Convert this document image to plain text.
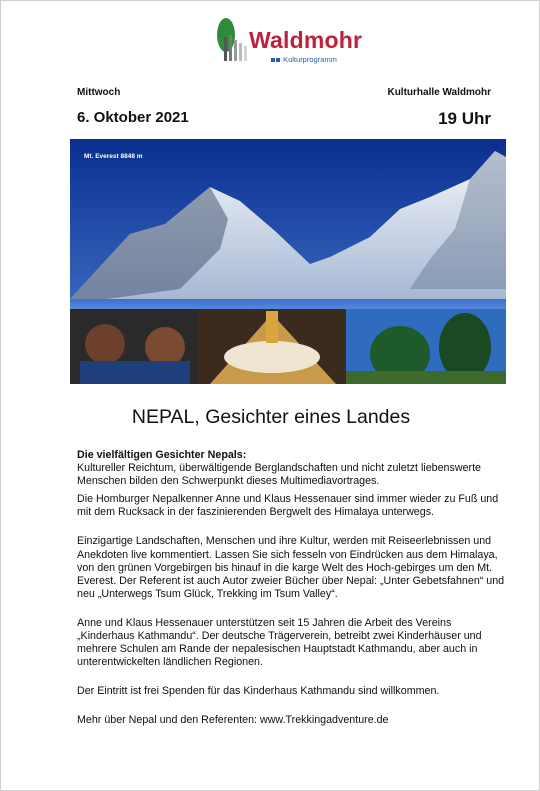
Waldmohr
Kulturprogramm
Mittwoch	Kulturhalle Waldmohr
6. Oktober 2021	19 Uhr
Mt. Everest 8848 m
NEPAL, Gesichter eines Landes

Die vielfältigen Gesichter Nepals:

Kultureller Reichtum, überwältigende Berglandschaften und nicht zuletzt liebenswerte Menschen bilden den Schwerpunkt dieses Multimediavortrages.

Die Homburger Nepalkenner Anne und Klaus Hessenauer sind immer wieder zu Fuß und mit dem Rucksack in der faszinierenden Bergwelt des Himalaya unterwegs.

Einzigartige Landschaften, Menschen und ihre Kultur, werden mit Reiseerlebnissen und Anekdoten live kommentiert. Lassen Sie sich fesseln von Eindrücken aus dem Himalaya, von den grünen Vorgebirgen bis hinauf in die karge Welt des Hoch-gebirges um den Mt. Everest. Der Referent ist auch Autor zweier Bücher über Nepal: „Unter Gebetsfahnen“ und neu „Unterwegs Tsum Glück, Trekking im Tsum Valley“.

Anne und Klaus Hessenauer unterstützen seit 15 Jahren die Arbeit des Vereins „Kinderhaus Kathmandu“. Der deutsche Trägerverein, betreibt zwei Kinderhäuser und mehrere Schulen am Rande der nepalesischen Hauptstadt Kathmandu, aber auch in unterentwickelten ländlichen Regionen.

Der Eintritt ist frei Spenden für das Kinderhaus Kathmandu sind willkommen.

Mehr über Nepal und den Referenten: www.Trekkingadventure.de
